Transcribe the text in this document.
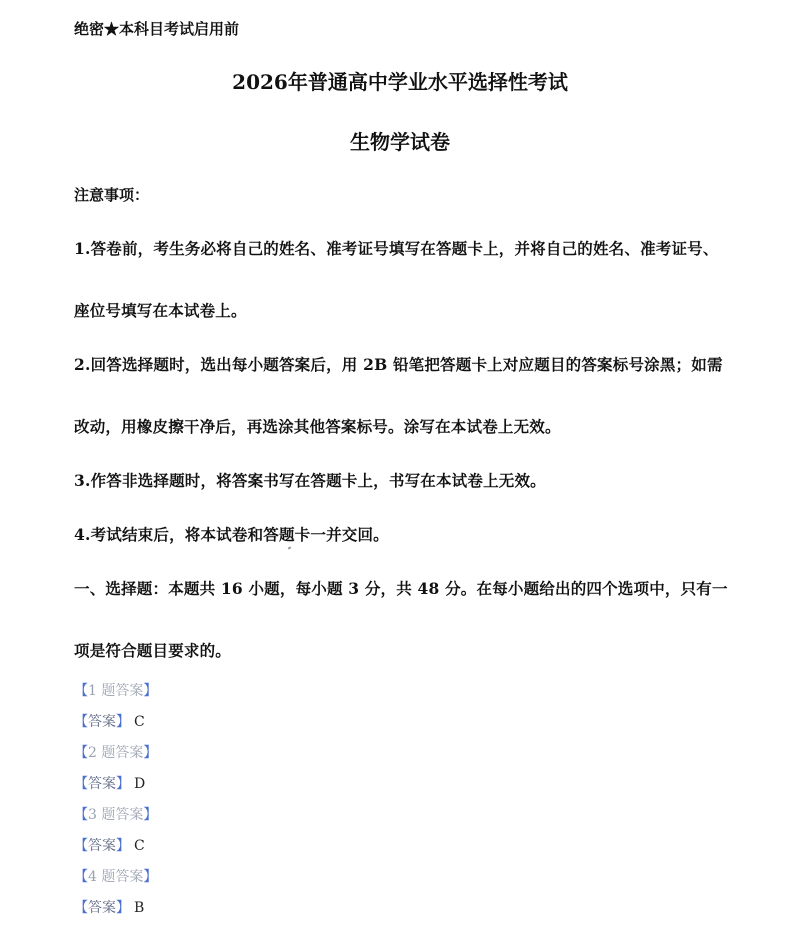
绝密★本科目考试启用前
2026年普通高中学业水平选择性考试
生物学试卷
注意事项：
1.答卷前，考生务必将自己的姓名、准考证号填写在答题卡上，并将自己的姓名、准考证号、
座位号填写在本试卷上。
2.回答选择题时，选出每小题答案后，用 2B 铅笔把答题卡上对应题目的答案标号涂黑；如需
改动，用橡皮擦干净后，再选涂其他答案标号。涂写在本试卷上无效。
3.作答非选择题时，将答案书写在答题卡上，书写在本试卷上无效。
4.考试结束后，将本试卷和答题卡一并交回。
一、选择题：本题共 16 小题，每小题 3 分，共 48 分。在每小题给出的四个选项中，只有一
项是符合题目要求的。
【1 题答案】
【答案】 C
【2 题答案】
【答案】 D
【3 题答案】
【答案】 C
【4 题答案】
【答案】 B
